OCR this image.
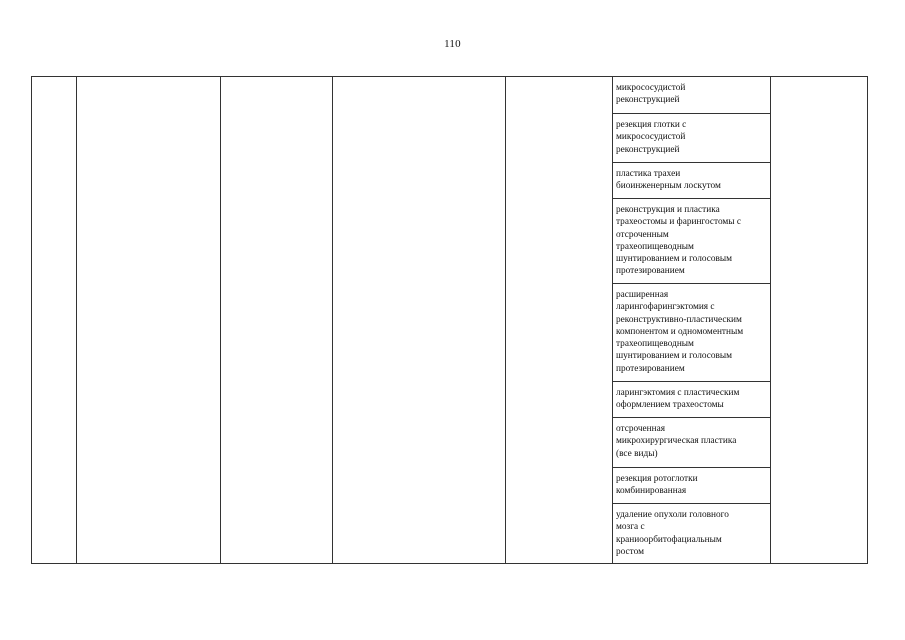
110
микрососудистой
реконструкцией
резекция глотки с
микрососудистой
реконструкцией
пластика трахеи
биоинженерным лоскутом
реконструкция и пластика
трахеостомы и фарингостомы с
отсроченным
трахеопищеводным
шунтированием и голосовым
протезированием
расширенная
ларингофарингэктомия с
реконструктивно-пластическим
компонентом и одномоментным
трахеопищеводным
шунтированием и голосовым
протезированием
ларингэктомия с пластическим
оформлением трахеостомы
отсроченная
микрохирургическая пластика
(все виды)
резекция ротоглотки
комбинированная
удаление опухоли головного
мозга с
краниоорбитофациальным
ростом
